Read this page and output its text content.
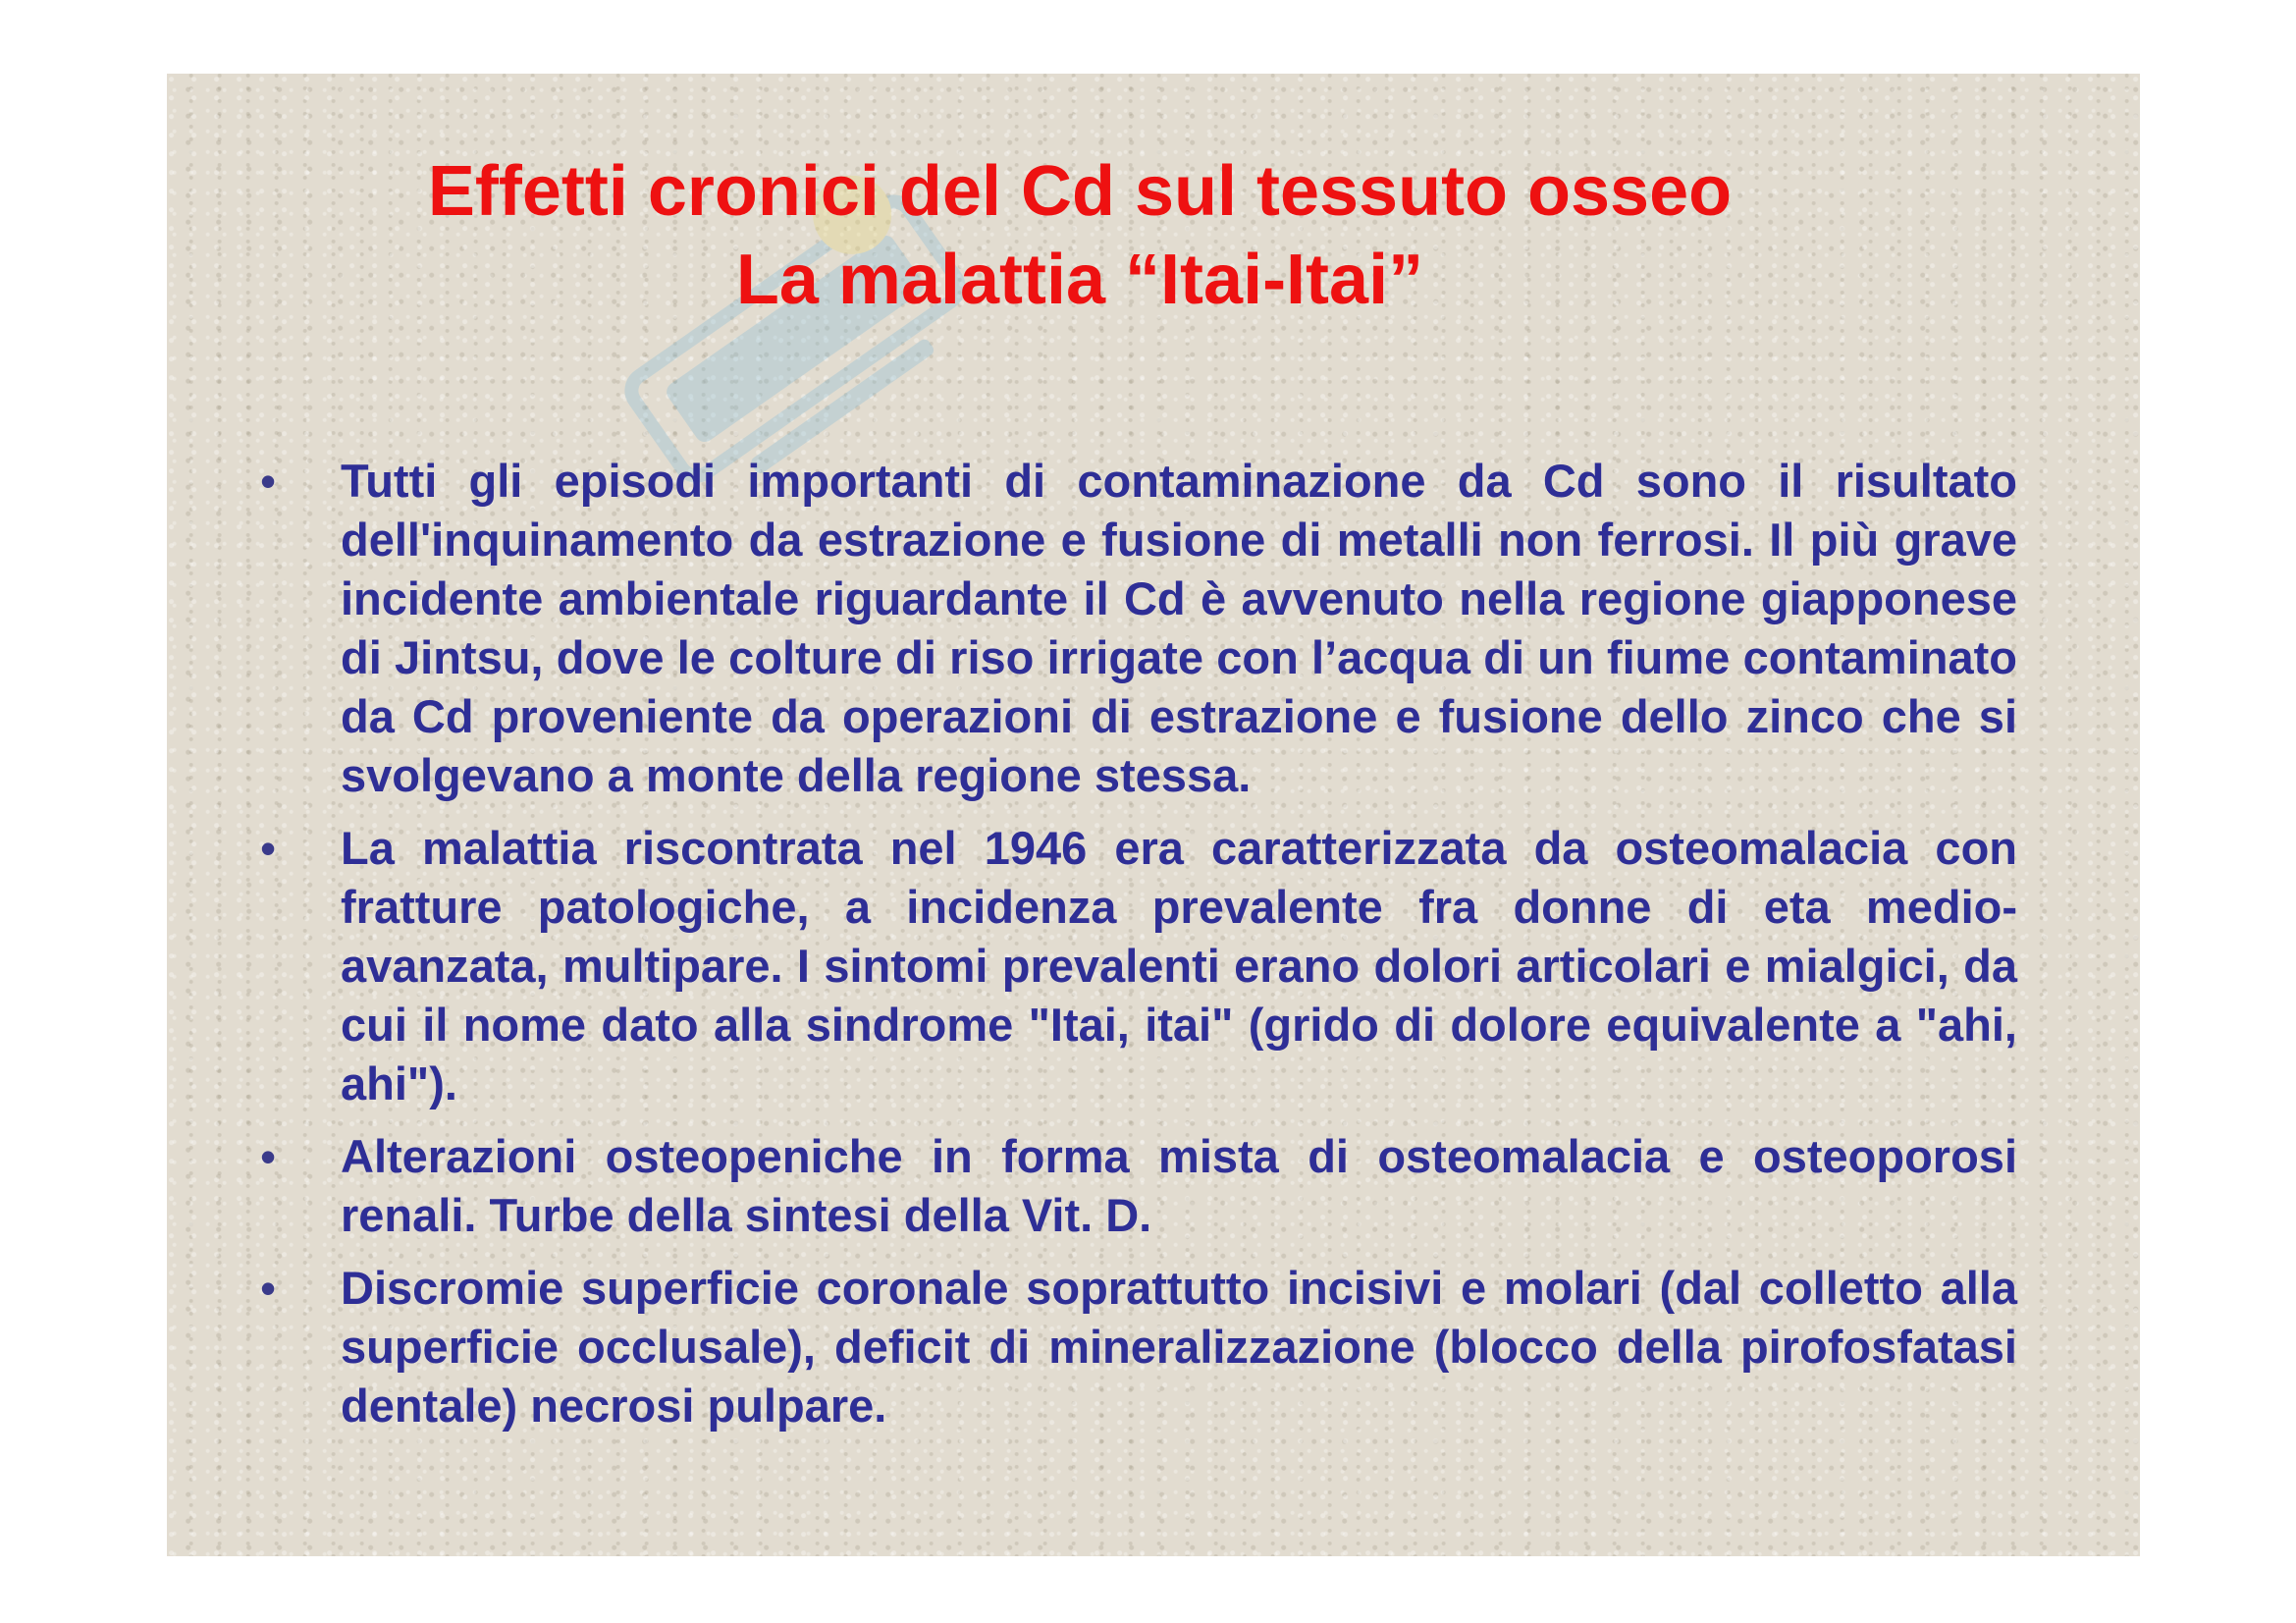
Effetti cronici del Cd sul tessuto osseo
La malattia “Itai-Itai”
• Tutti gli episodi importanti di contaminazione da Cd sono il risultato dell'inquinamento da estrazione e fusione di metalli non ferrosi. Il più grave incidente ambientale riguardante il Cd è avvenuto nella regione giapponese di Jintsu, dove le colture di riso irrigate con l’acqua di un fiume contaminato da Cd proveniente da operazioni di estrazione e fusione dello zinco che si svolgevano a monte della regione stessa.
• La malattia riscontrata nel 1946 era caratterizzata da osteomalacia con fratture patologiche, a incidenza prevalente fra donne di eta medio-avanzata, multipare. I sintomi prevalenti erano dolori articolari e mialgici, da cui il nome dato alla sindrome "Itai, itai" (grido di dolore equivalente a "ahi, ahi").
• Alterazioni osteopeniche in forma mista di osteomalacia e osteoporosi renali. Turbe della sintesi della Vit. D.
• Discromie superficie coronale soprattutto incisivi e molari (dal colletto alla superficie occlusale), deficit di mineralizzazione (blocco della pirofosfatasi dentale) necrosi pulpare.
